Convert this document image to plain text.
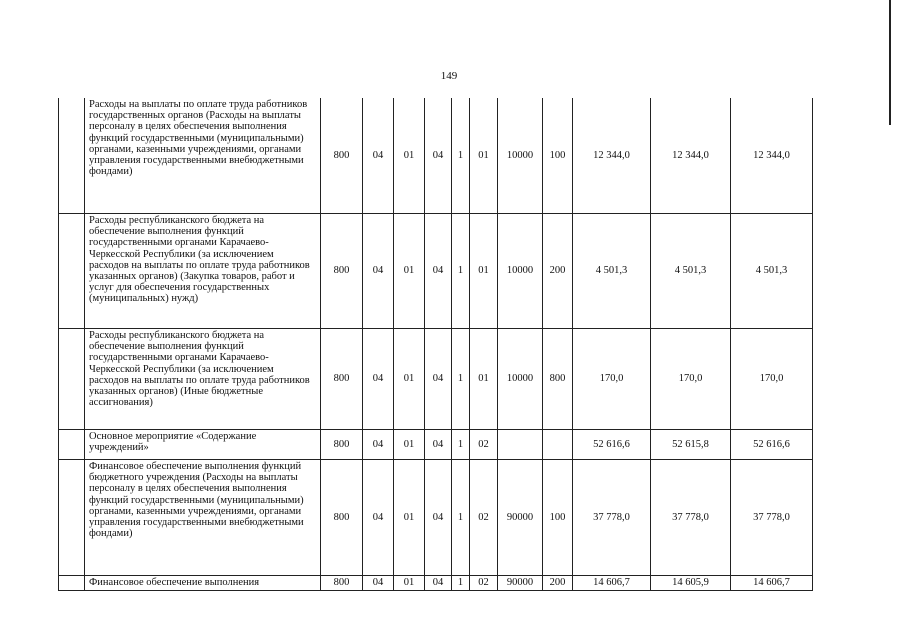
149
	Расходы на выплаты по оплате труда работников государственных органов (Расходы на выплаты персоналу в целях обеспечения выполнения функций государственными (муниципальными) органами, казенными учреждениями, органами управления государственными внебюджетными фондами)	800	04	01	04	1	01	10000	100	12 344,0	12 344,0	12 344,0
	Расходы республиканского бюджета на обеспечение выполнения функций государственными органами Карачаево-Черкесской Республики (за исключением расходов на выплаты по оплате труда работников указанных органов) (Закупка товаров, работ и услуг для обеспечения государственных (муниципальных) нужд)	800	04	01	04	1	01	10000	200	4 501,3	4 501,3	4 501,3
	Расходы республиканского бюджета на обеспечение выполнения функций государственными органами Карачаево-Черкесской Республики (за исключением расходов на выплаты по оплате труда работников указанных органов) (Иные бюджетные ассигнования)	800	04	01	04	1	01	10000	800	170,0	170,0	170,0
	Основное мероприятие «Содержание учреждений»	800	04	01	04	1	02			52 616,6	52 615,8	52 616,6
	Финансовое обеспечение выполнения функций бюджетного учреждения (Расходы на выплаты персоналу в целях обеспечения выполнения функций государственными (муниципальными) органами, казенными учреждениями, органами управления государственными внебюджетными фондами)	800	04	01	04	1	02	90000	100	37 778,0	37 778,0	37 778,0
	Финансовое обеспечение выполнения	800	04	01	04	1	02	90000	200	14 606,7	14 605,9	14 606,7
